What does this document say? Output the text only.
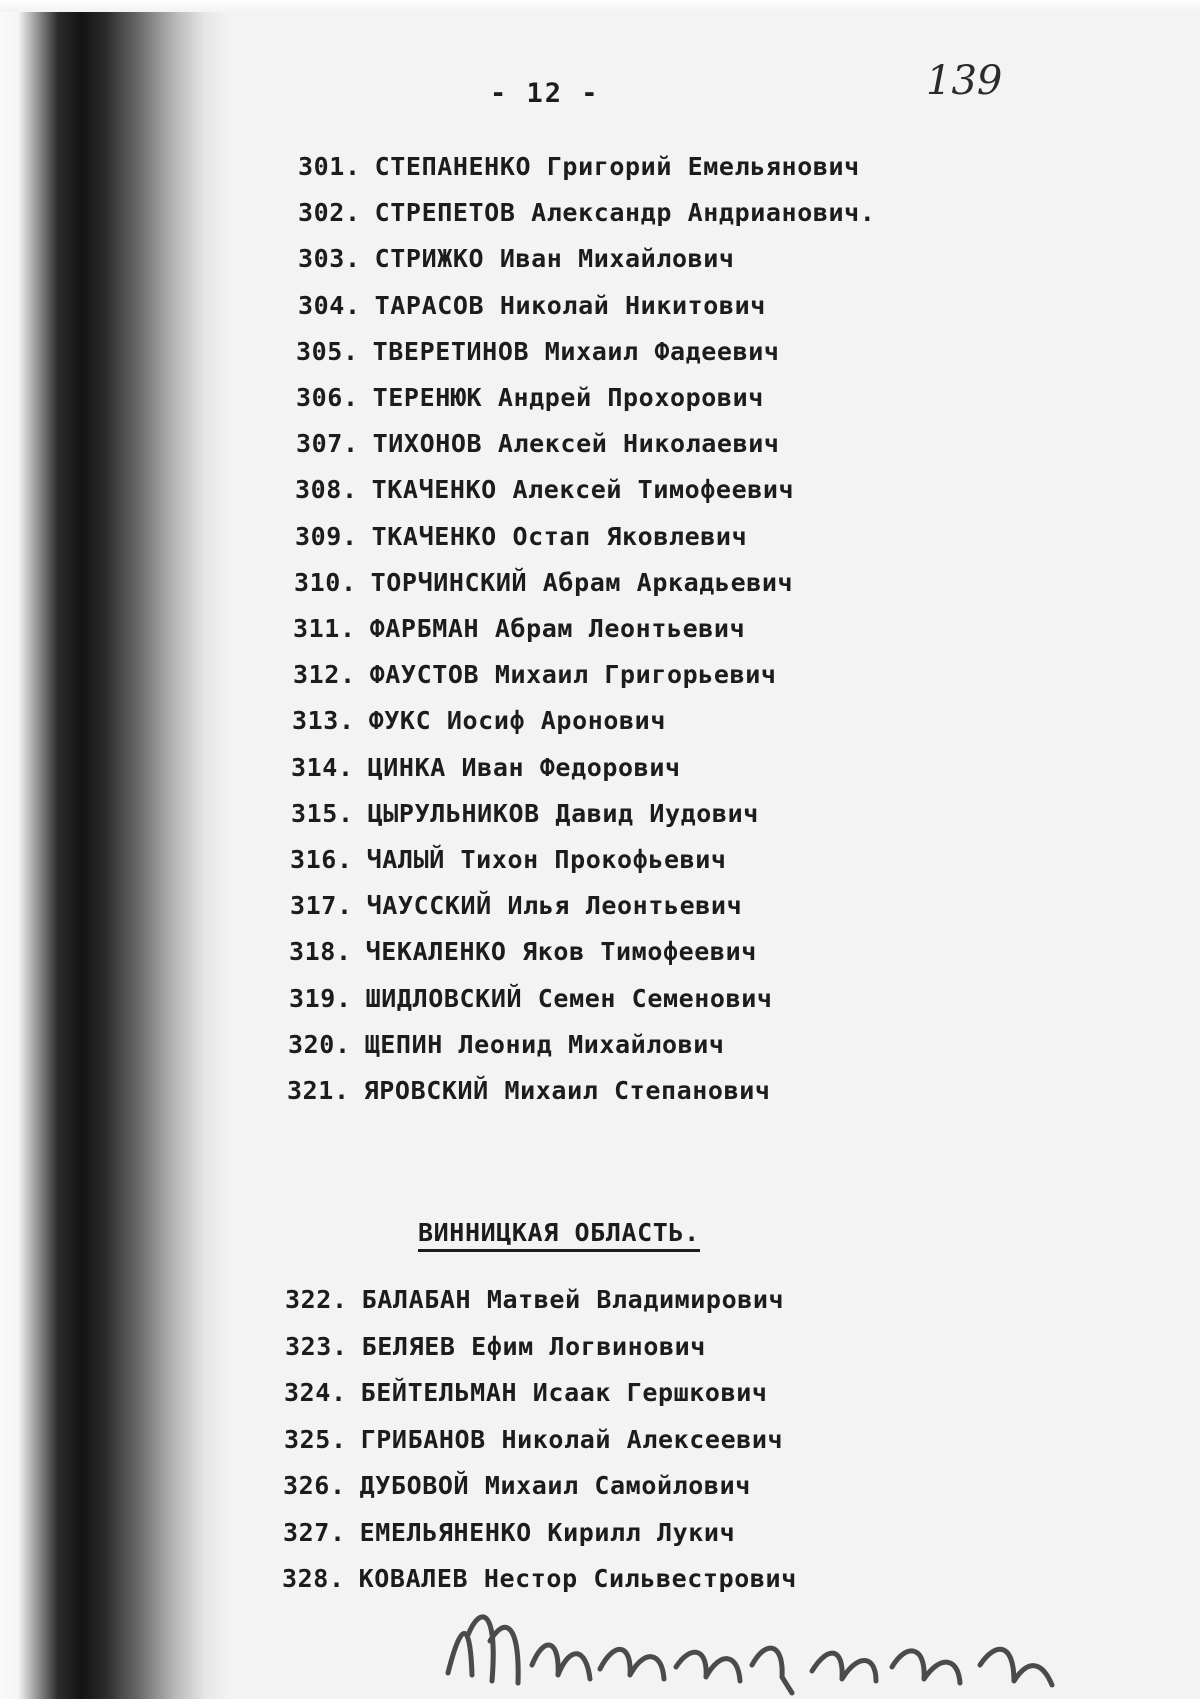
- 12 -	139
301. СТЕПАНЕНКО Григорий Емельянович
302. СТРЕПЕТОВ Александр Андрианович.
303. СТРИЖКО Иван Михайлович
304. ТАРАСОВ Николай Никитович
305. ТВЕРЕТИНОВ Михаил Фадеевич
306. ТЕРЕНЮК Андрей Прохорович
307. ТИХОНОВ Алексей Николаевич
308. ТКАЧЕНКО Алексей Тимофеевич
309. ТКАЧЕНКО Остап Яковлевич
310. ТОРЧИНСКИЙ Абрам Аркадьевич
311. ФАРБМАН Абрам Леонтьевич
312. ФАУСТОВ Михаил Григорьевич
313. ФУКС Иосиф Аронович
314. ЦИНКА Иван Федорович
315. ЦЫРУЛЬНИКОВ Давид Иудович
316. ЧАЛЫЙ Тихон Прокофьевич
317. ЧАУССКИЙ Илья Леонтьевич
318. ЧЕКАЛЕНКО Яков Тимофеевич
319. ШИДЛОВСКИЙ Семен Семенович
320. ЩЕПИН Леонид Михайлович
321. ЯРОВСКИЙ Михаил Степанович
ВИННИЦКАЯ ОБЛАСТЬ.
322. БАЛАБАН Матвей Владимирович
323. БЕЛЯЕВ Ефим Логвинович
324. БЕЙТЕЛЬМАН Исаак Гершкович
325. ГРИБАНОВ Николай Алексеевич
326. ДУБОВОЙ Михаил Самойлович
327. ЕМЕЛЬЯНЕНКО Кирилл Лукич
328. КОВАЛЕВ Нестор Сильвестрович
